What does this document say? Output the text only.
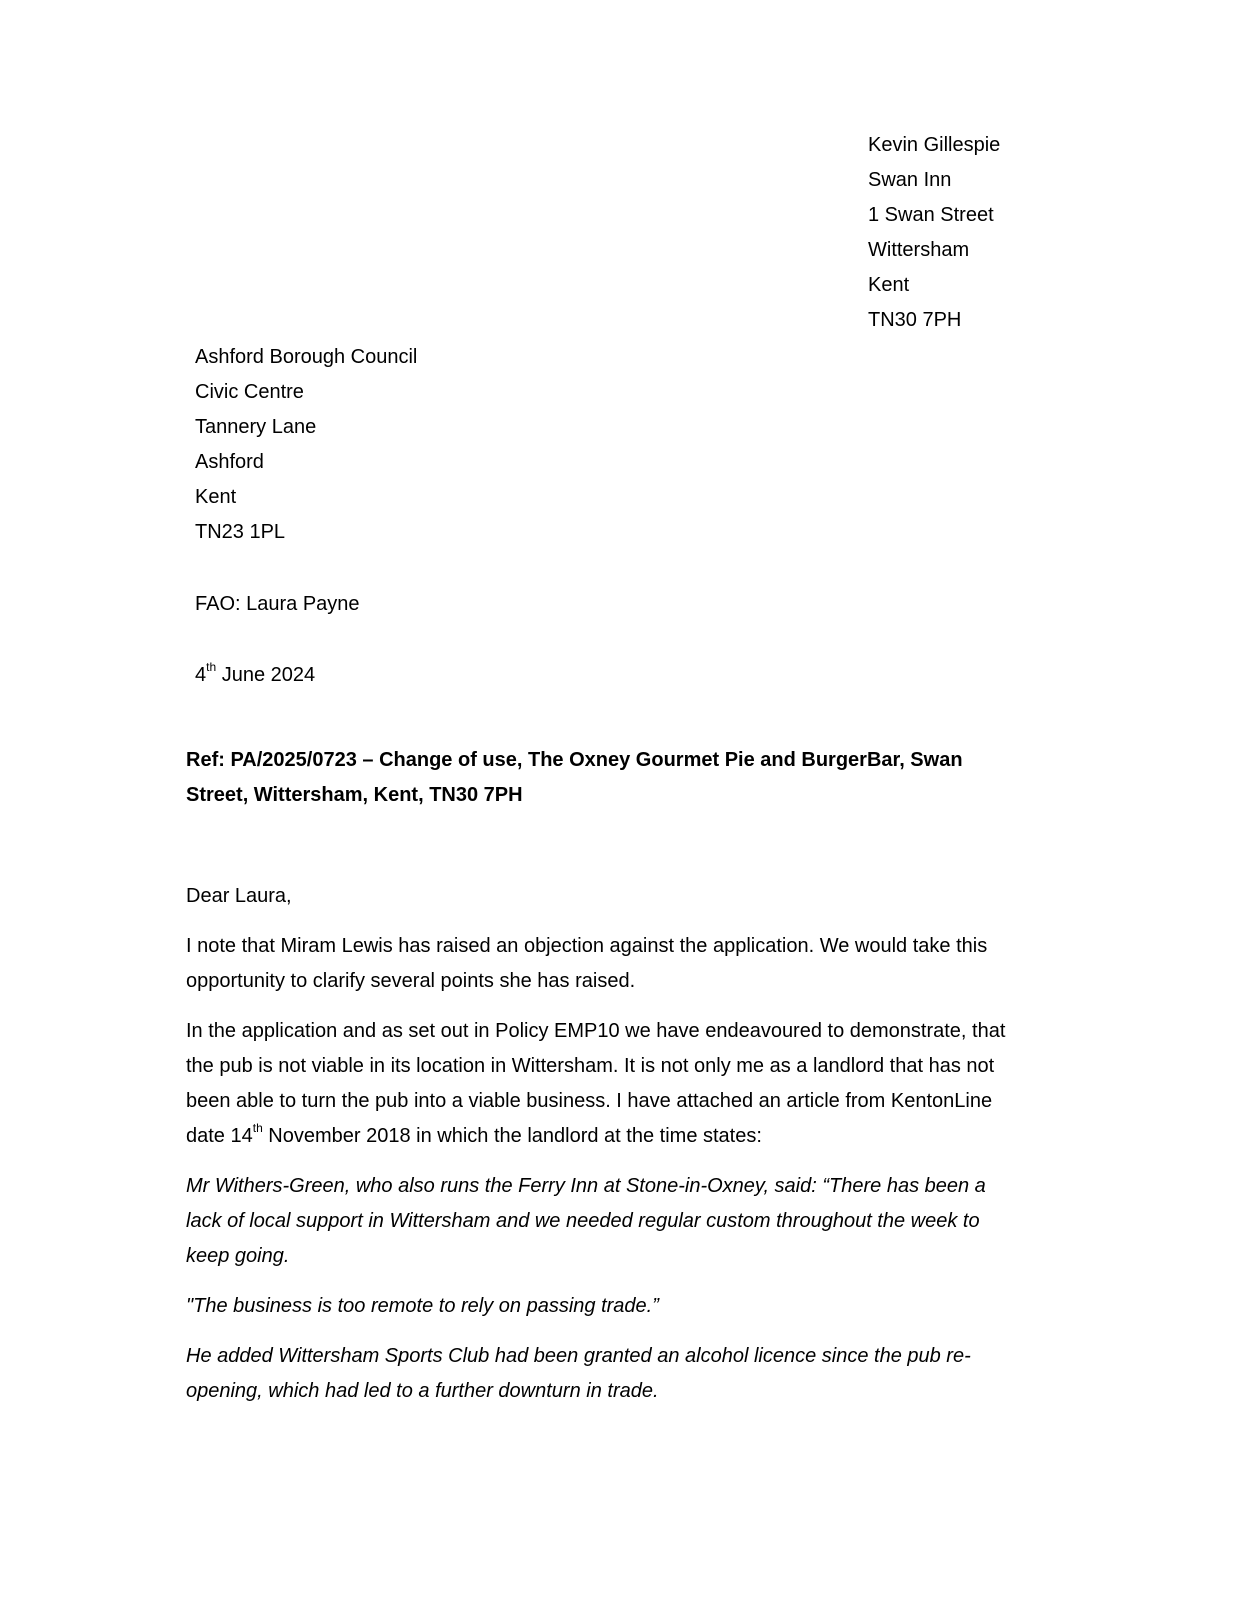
Kevin Gillespie
Swan Inn
1 Swan Street
Wittersham
Kent
TN30 7PH
Ashford Borough Council
Civic Centre
Tannery Lane
Ashford
Kent
TN23 1PL
FAO: Laura Payne
4th June 2024
Ref: PA/2025/0723 – Change of use, The Oxney Gourmet Pie and BurgerBar, Swan
Street, Wittersham, Kent, TN30 7PH

Dear Laura,

I note that Miram Lewis has raised an objection against the application. We would take this
opportunity to clarify several points she has raised.

In the application and as set out in Policy EMP10 we have endeavoured to demonstrate, that
the pub is not viable in its location in Wittersham. It is not only me as a landlord that has not
been able to turn the pub into a viable business. I have attached an article from KentonLine
date 14th November 2018 in which the landlord at the time states:

Mr Withers-Green, who also runs the Ferry Inn at Stone-in-Oxney, said: “There has been a
lack of local support in Wittersham and we needed regular custom throughout the week to
keep going.

"The business is too remote to rely on passing trade.”

He added Wittersham Sports Club had been granted an alcohol licence since the pub re-
opening, which had led to a further downturn in trade.
